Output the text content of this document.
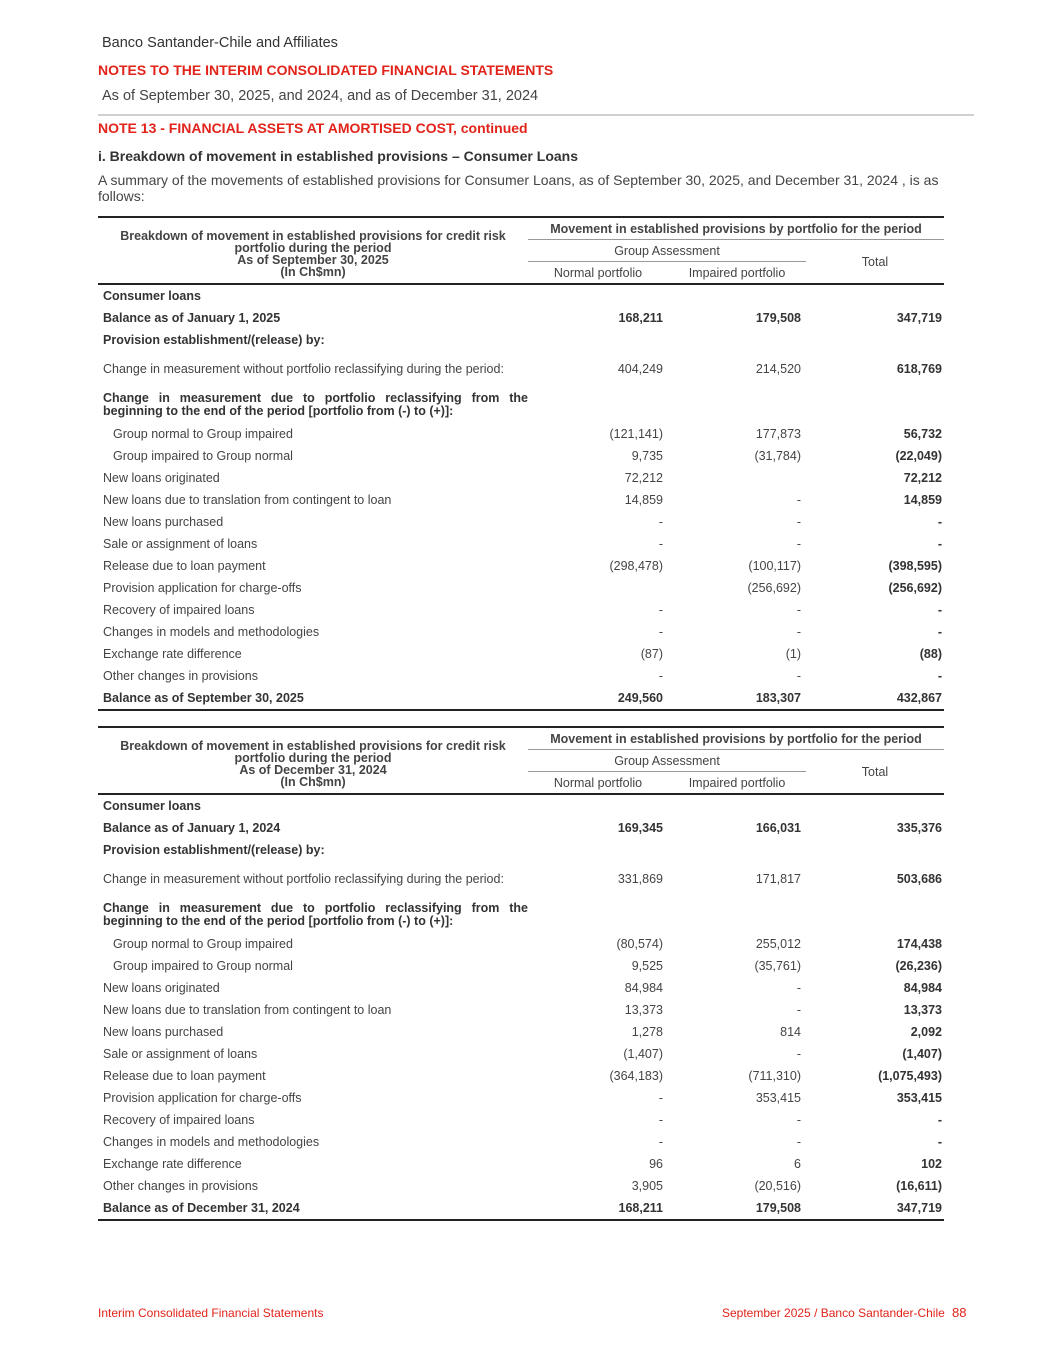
Banco Santander-Chile and Affiliates
NOTES TO THE INTERIM CONSOLIDATED FINANCIAL STATEMENTS
As of September 30, 2025, and 2024, and as of December 31, 2024
NOTE 13 - FINANCIAL ASSETS AT AMORTISED COST, continued
i. Breakdown of movement in established provisions – Consumer Loans
A summary of the movements of established provisions for Consumer Loans, as of September 30, 2025, and December 31, 2024 , is as follows:
Breakdown of movement in established provisions for credit risk
portfolio during the period
As of September 30, 2025
(In Ch$mn)	Movement in established provisions by portfolio for the period		
	Group Assessment		Total
	Normal portfolio	Impaired portfolio	
Consumer loans			
Balance as of January 1, 2025	168,211	179,508	347,719
Provision establishment/(release) by:			
Change in measurement without portfolio reclassifying during the period:	404,249	214,520	618,769
Change in measurement due to portfolio reclassifying from the beginning to the end of the period [portfolio from (-) to (+)]:			
Group normal to Group impaired	(121,141)	177,873	56,732
Group impaired to Group normal	9,735	(31,784)	(22,049)
New loans originated	72,212		72,212
New loans due to translation from contingent to loan	14,859	-	14,859
New loans purchased	-	-	-
Sale or assignment of loans	-	-	-
Release due to loan payment	(298,478)	(100,117)	(398,595)
Provision application for charge-offs		(256,692)	(256,692)
Recovery of impaired loans	-	-	-
Changes in models and methodologies	-	-	-
Exchange rate difference	(87)	(1)	(88)
Other changes in provisions	-	-	-
Balance as of September 30, 2025	249,560	183,307	432,867
Breakdown of movement in established provisions for credit risk
portfolio during the period
As of December 31, 2024
(In Ch$mn)	Movement in established provisions by portfolio for the period		
	Group Assessment		Total
	Normal portfolio	Impaired portfolio	
Consumer loans			
Balance as of January 1, 2024	169,345	166,031	335,376
Provision establishment/(release) by:			
Change in measurement without portfolio reclassifying during the period:	331,869	171,817	503,686
Change in measurement due to portfolio reclassifying from the beginning to the end of the period [portfolio from (-) to (+)]:			
Group normal to Group impaired	(80,574)	255,012	174,438
Group impaired to Group normal	9,525	(35,761)	(26,236)
New loans originated	84,984	-	84,984
New loans due to translation from contingent to loan	13,373	-	13,373
New loans purchased	1,278	814	2,092
Sale or assignment of loans	(1,407)	-	(1,407)
Release due to loan payment	(364,183)	(711,310)	(1,075,493)
Provision application for charge-offs	-	353,415	353,415
Recovery of impaired loans	-	-	-
Changes in models and methodologies	-	-	-
Exchange rate difference	96	6	102
Other changes in provisions	3,905	(20,516)	(16,611)
Balance as of December 31, 2024	168,211	179,508	347,719
Interim Consolidated Financial Statements	September 2025 / Banco Santander-Chile 88
